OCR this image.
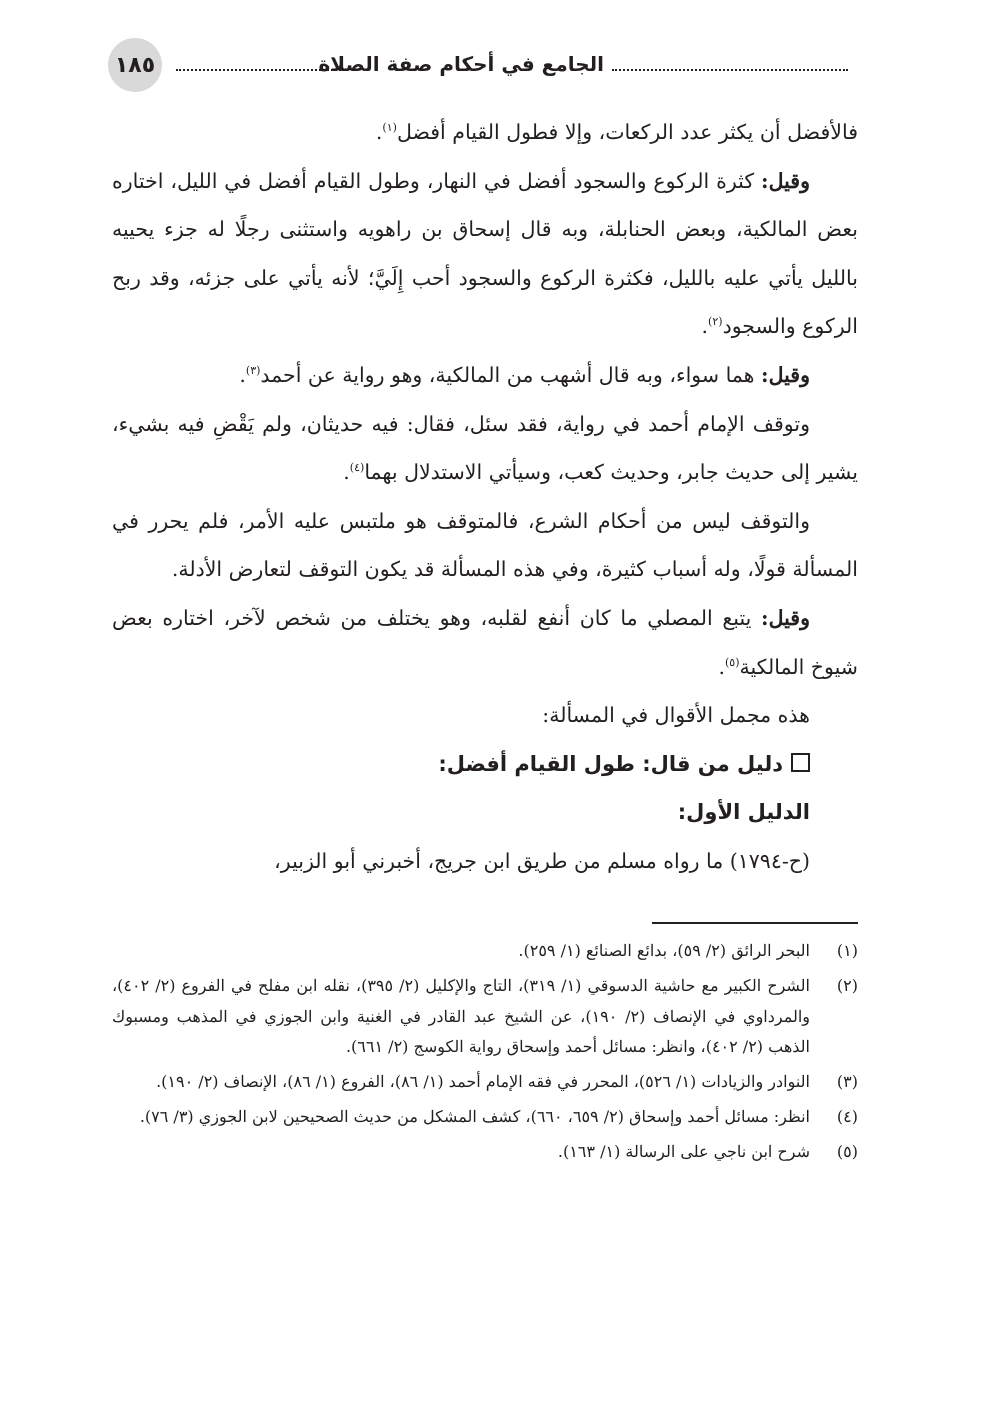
١٨٥	الجامع في أحكام صفة الصلاة

فالأفضل أن يكثر عدد الركعات، وإلا فطول القيام أفضل$^{(١)}$.

وقيل: كثرة الركوع والسجود أفضل في النهار، وطول القيام أفضل في الليل، اختاره بعض المالكية، وبعض الحنابلة، وبه قال إسحاق بن راهويه واستثنى رجلًا له جزء يحييه بالليل يأتي عليه بالليل، فكثرة الركوع والسجود أحب إِلَيَّ؛ لأنه يأتي على جزئه، وقد ربح الركوع والسجود$^{(٢)}$.

وقيل: هما سواء، وبه قال أشهب من المالكية، وهو رواية عن أحمد$^{(٣)}$.

وتوقف الإمام أحمد في رواية، فقد سئل، فقال: فيه حديثان، ولم يَقْضِ فيه بشيء، يشير إلى حديث جابر، وحديث كعب، وسيأتي الاستدلال بهما$^{(٤)}$.

والتوقف ليس من أحكام الشرع، فالمتوقف هو ملتبس عليه الأمر، فلم يحرر في المسألة قولًا، وله أسباب كثيرة، وفي هذه المسألة قد يكون التوقف لتعارض الأدلة.

وقيل: يتبع المصلي ما كان أنفع لقلبه، وهو يختلف من شخص لآخر، اختاره بعض شيوخ المالكية$^{(٥)}$.

هذه مجمل الأقوال في المسألة:

دليل من قال: طول القيام أفضل:

الدليل الأول:

(ح-١٧٩٤) ما رواه مسلم من طريق ابن جريج، أخبرني أبو الزبير،

(١)
البحر الرائق (٢/ ٥٩)، بدائع الصنائع (١/ ٢٥٩).
(٢)
الشرح الكبير مع حاشية الدسوقي (١/ ٣١٩)، التاج والإكليل (٢/ ٣٩٥)، نقله ابن مفلح في الفروع (٢/ ٤٠٢)، والمرداوي في الإنصاف (٢/ ١٩٠)، عن الشيخ عبد القادر في الغنية وابن الجوزي في المذهب ومسبوك الذهب (٢/ ٤٠٢)، وانظر: مسائل أحمد وإسحاق رواية الكوسج (٢/ ٦٦١).
(٣)
النوادر والزيادات (١/ ٥٢٦)، المحرر في فقه الإمام أحمد (١/ ٨٦)، الفروع (١/ ٨٦)، الإنصاف (٢/ ١٩٠).
(٤)
انظر: مسائل أحمد وإسحاق (٢/ ٦٥٩، ٦٦٠)، كشف المشكل من حديث الصحيحين لابن الجوزي (٣/ ٧٦).
(٥)
شرح ابن ناجي على الرسالة (١/ ١٦٣).
